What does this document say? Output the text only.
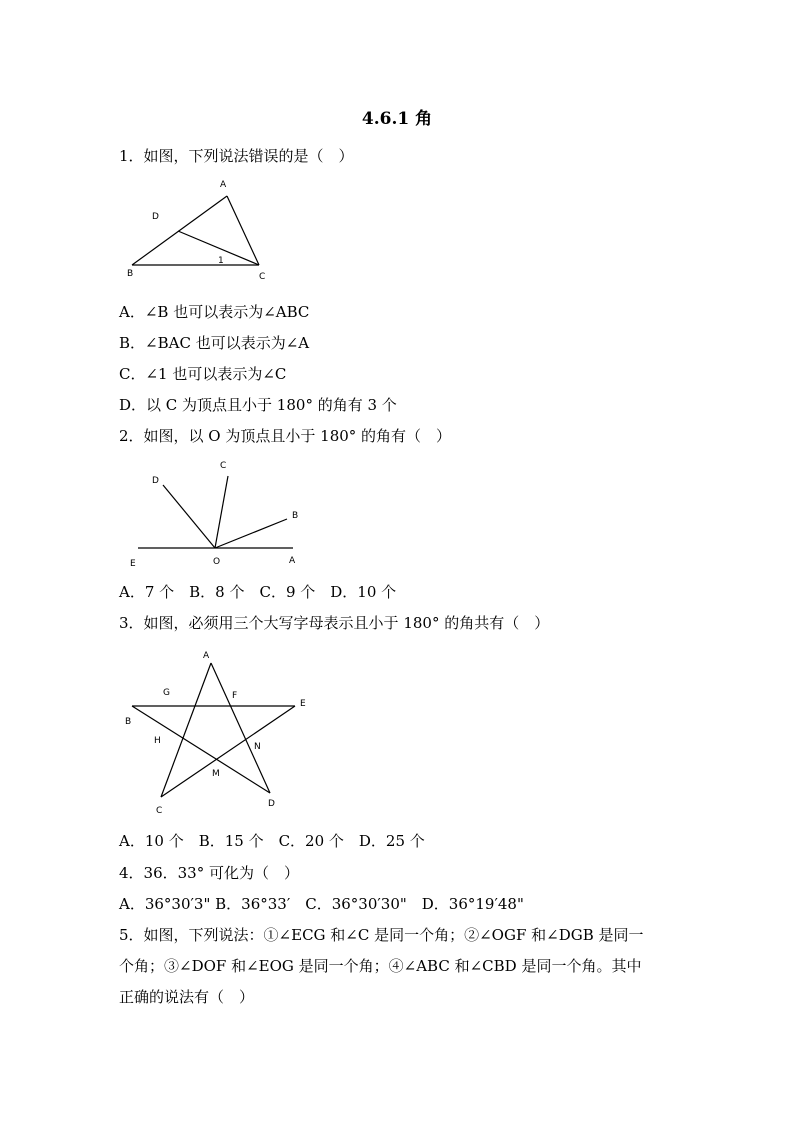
4.6.1 角
1．如图，下列说法错误的是（　）
A
D
B	C
1
A．∠B 也可以表示为∠ABC
B．∠BAC 也可以表示为∠A
C．∠1 也可以表示为∠C
D．以 C 为顶点且小于 180° 的角有 3 个
2．如图，以 O 为顶点且小于 180° 的角有（　）
D
C
B
E	O	A
A．7 个　B．8 个　C．9 个　D．10 个
3．如图，必须用三个大写字母表示且小于 180° 的角共有（　）
A
G	F
B
E
H
N
M
C
D
A．10 个　B．15 个　C．20 个　D．25 个
4．36．33° 可化为（　）
A．36°30′3" B．36°33′　C．36°30′30"　D．36°19′48"
5．如图，下列说法：①∠ECG 和∠C 是同一个角；②∠OGF 和∠DGB 是同一
个角；③∠DOF 和∠EOG 是同一个角；④∠ABC 和∠CBD 是同一个角。其中
正确的说法有（　）
